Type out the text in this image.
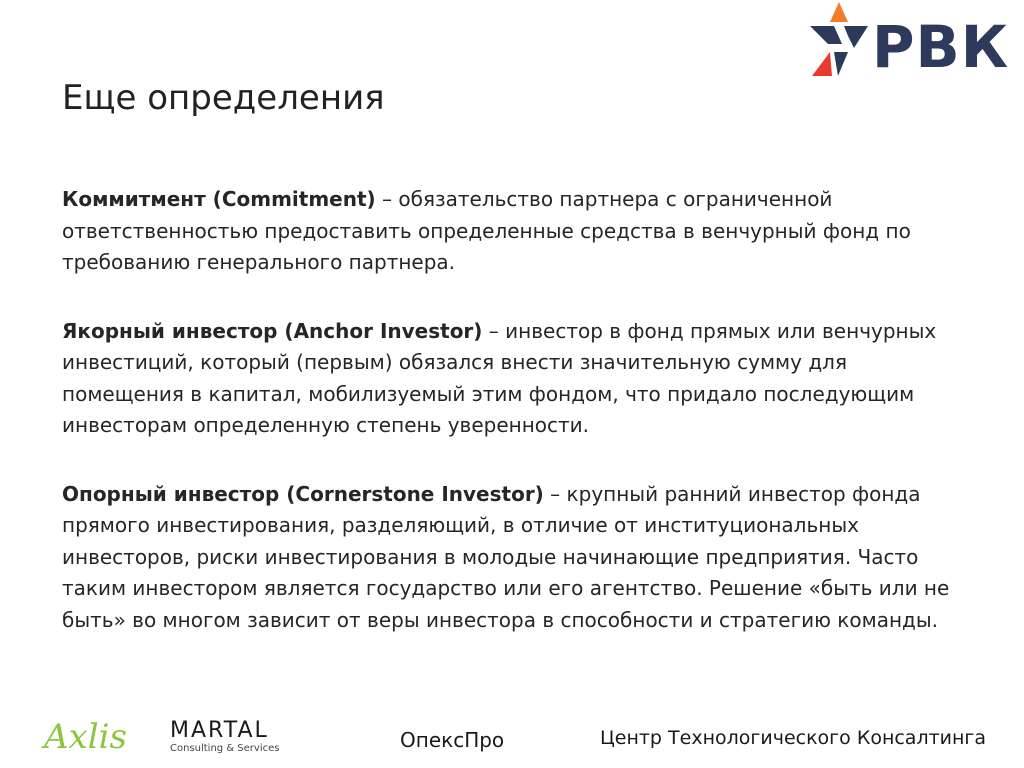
РВК
Еще определения

Коммитмент (Commitment) – обязательство партнера с ограниченной ответственностью предоставить определенные средства в венчурный фонд по требованию генерального партнера.

Якорный инвестор (Anchor Investor) – инвестор в фонд прямых или венчурных инвестиций, который (первым) обязался внести значительную сумму для помещения в капитал, мобилизуемый этим фондом, что придало последующим инвесторам определенную степень уверенности.

Опорный инвестор (Cornerstone Investor) – крупный ранний инвестор фонда прямого инвестирования, разделяющий, в отличие от институциональных инвесторов, риски инвестирования в молодые начинающие предприятия. Часто таким инвестором является государство или его агентство. Решение «быть или не быть» во многом зависит от веры инвестора в способности и стратегию команды.

Axlis MARTAL
Consulting & Services	ОпексПро	Центр Технологического Консалтинга
